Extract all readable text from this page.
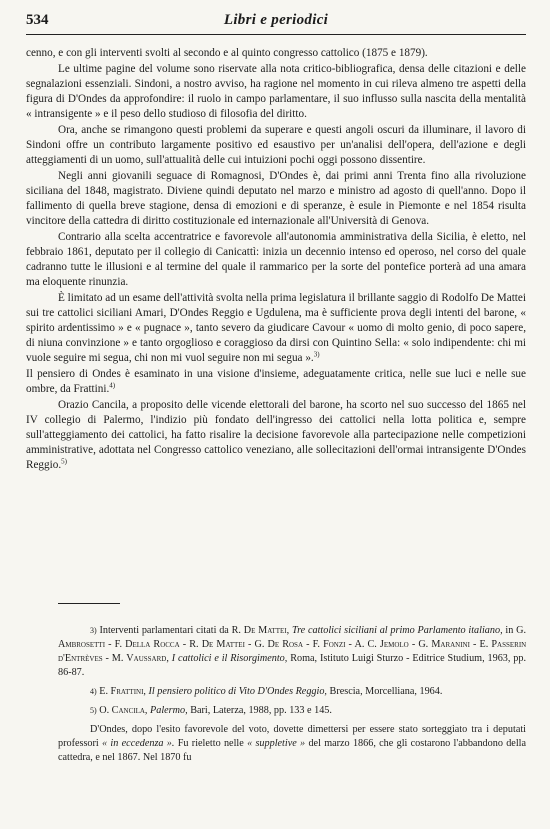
534	Libri e periodici

cenno, e con gli interventi svolti al secondo e al quinto congresso cattolico (1875 e 1879).

Le ultime pagine del volume sono riservate alla nota critico-bibliografica, densa delle citazioni e delle segnalazioni essenziali. Sindoni, a nostro avviso, ha ragione nel momento in cui rileva almeno tre aspetti della figura di D'Ondes da approfondire: il ruolo in campo parlamentare, il suo influsso sulla nascita della mentalità « intransigente » e il peso dello studioso di filosofia del diritto.

Ora, anche se rimangono questi problemi da superare e questi angoli oscuri da illuminare, il lavoro di Sindoni offre un contributo largamente positivo ed esaustivo per un'analisi dell'opera, dell'azione e degli atteggiamenti di un uomo, sull'attualità delle cui intuizioni pochi oggi possono dissentire.

Negli anni giovanili seguace di Romagnosi, D'Ondes è, dai primi anni Trenta fino alla rivoluzione siciliana del 1848, magistrato. Diviene quindi deputato nel marzo e ministro ad agosto di quell'anno. Dopo il fallimento di quella breve stagione, densa di emozioni e di speranze, è esule in Piemonte e nel 1854 risulta vincitore della cattedra di diritto costituzionale ed internazionale all'Università di Genova.

Contrario alla scelta accentratrice e favorevole all'autonomia amministrativa della Sicilia, è eletto, nel febbraio 1861, deputato per il collegio di Canicattì: inizia un decennio intenso ed operoso, nel corso del quale cadranno tutte le illusioni e al termine del quale il rammarico per la sorte del pontefice porterà ad una amara ma eloquente rinunzia.

È limitato ad un esame dell'attività svolta nella prima legislatura il brillante saggio di Rodolfo De Mattei sui tre cattolici siciliani Amari, D'Ondes Reggio e Ugdulena, ma è sufficiente prova degli intenti del barone, « spirito ardentissimo » e « pugnace », tanto severo da giudicare Cavour « uomo di molto genio, di poco sapere, di niuna convinzione » e tanto orgoglioso e coraggioso da dirsi con Quintino Sella: « solo indipendente: chi mi vuole seguire mi segua, chi non mi vuol seguire non mi segua ».$^{3)}$

Il pensiero di Ondes è esaminato in una visione d'insieme, adeguatamente critica, nelle sue luci e nelle sue ombre, da Frattini.$^{4)}$

Orazio Cancila, a proposito delle vicende elettorali del barone, ha scorto nel suo successo del 1865 nel IV collegio di Palermo, l'indizio più fondato dell'ingresso dei cattolici nella lotta politica e, sempre sull'atteggiamento dei cattolici, ha fatto risalire la decisione favorevole alla partecipazione nelle competizioni amministrative, adottata nel Congresso cattolico veneziano, alle sollecitazioni dell'ormai intransigente D'Ondes Reggio.$^{5)}$

3) Interventi parlamentari citati da R. De Mattei, Tre cattolici siciliani al primo Parlamento italiano, in G. Ambrosetti - F. Della Rocca - R. De Mattei - G. De Rosa - F. Fonzi - A. C. Jemolo - G. Maranini - E. Passerin d'Entrèves - M. Vaussard, I cattolici e il Risorgimento, Roma, Istituto Luigi Sturzo - Editrice Studium, 1963, pp. 86-87.

4) E. Frattini, Il pensiero politico di Vito D'Ondes Reggio, Brescia, Morcelliana, 1964.

5) O. Cancila, Palermo, Bari, Laterza, 1988, pp. 133 e 145.

D'Ondes, dopo l'esito favorevole del voto, dovette dimettersi per essere stato sorteggiato tra i deputati professori « in eccedenza ». Fu rieletto nelle « suppletive » del marzo 1866, che gli costarono l'abbandono della cattedra, e nel 1867. Nel 1870 fu
